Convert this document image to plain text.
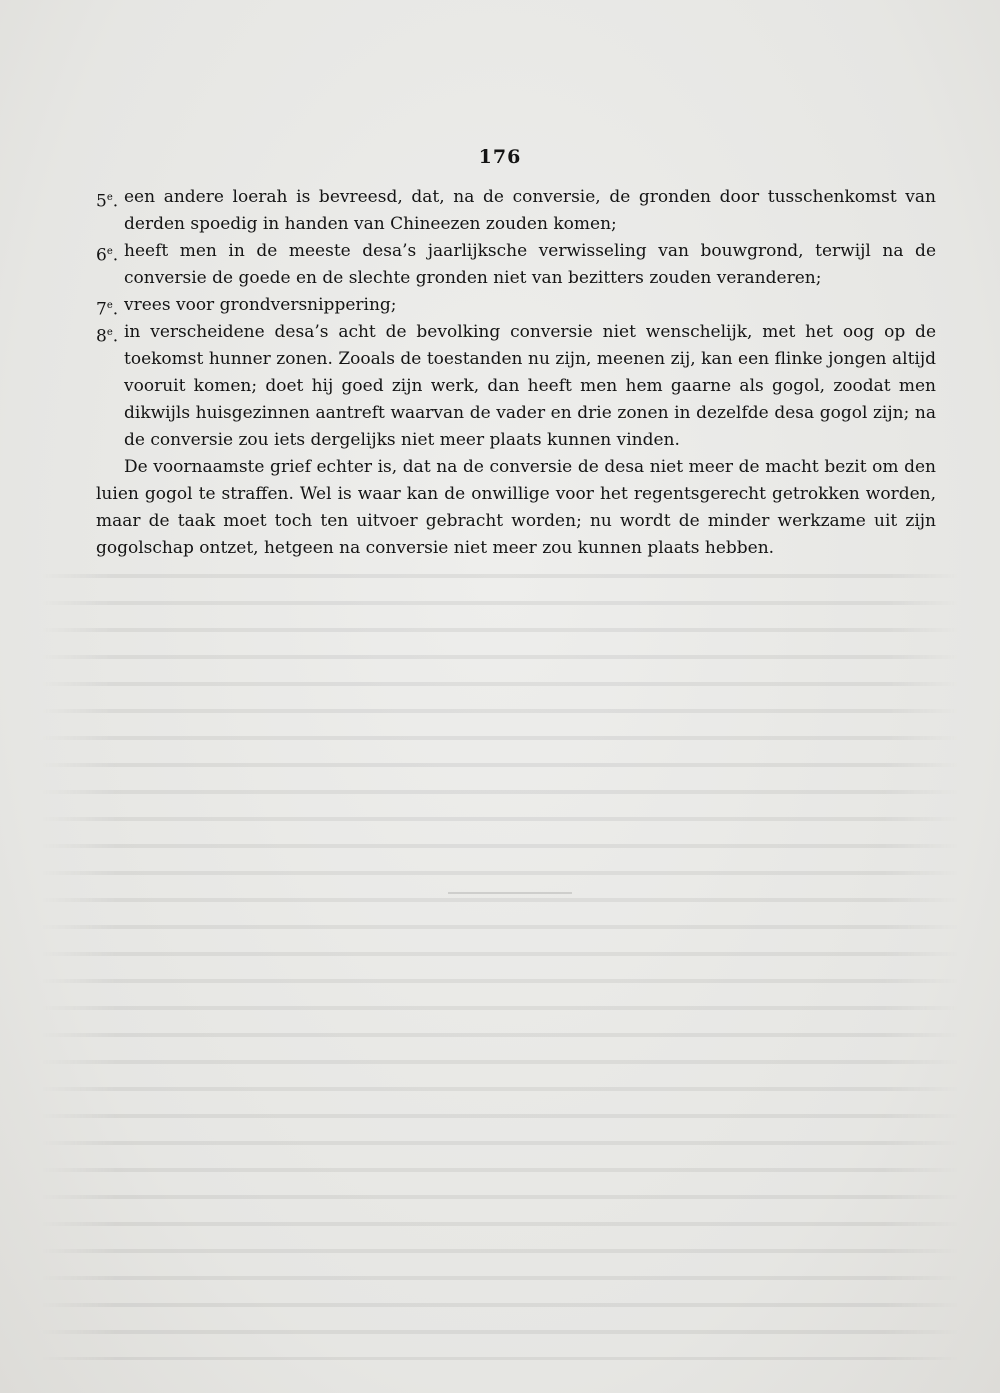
176
5e. een andere loerah is bevreesd, dat, na de conversie, de gronden door tusschenkomst van derden spoedig in handen van Chineezen zouden komen;
6e. heeft men in de meeste desa’s jaarlijksche verwisseling van bouwgrond, terwijl na de conversie de goede en de slechte gronden niet van bezitters zouden veranderen;
7e. vrees voor grondversnippering;
8e. in verscheidene desa’s acht de bevolking conversie niet wenschelijk, met het oog op de toekomst hunner zonen. Zooals de toestanden nu zijn, meenen zij, kan een flinke jongen altijd vooruit komen; doet hij goed zijn werk, dan heeft men hem gaarne als gogol, zoodat men dikwijls huisgezinnen aantreft waarvan de vader en drie zonen in dezelfde desa gogol zijn; na de conversie zou iets dergelijks niet meer plaats kunnen vinden.
De voornaamste grief echter is, dat na de conversie de desa niet meer de macht bezit om den luien gogol te straffen. Wel is waar kan de onwillige voor het regentsgerecht getrokken worden, maar de taak moet toch ten uitvoer gebracht worden; nu wordt de minder werkzame uit zijn gogolschap ontzet, hetgeen na conversie niet meer zou kunnen plaats hebben.
